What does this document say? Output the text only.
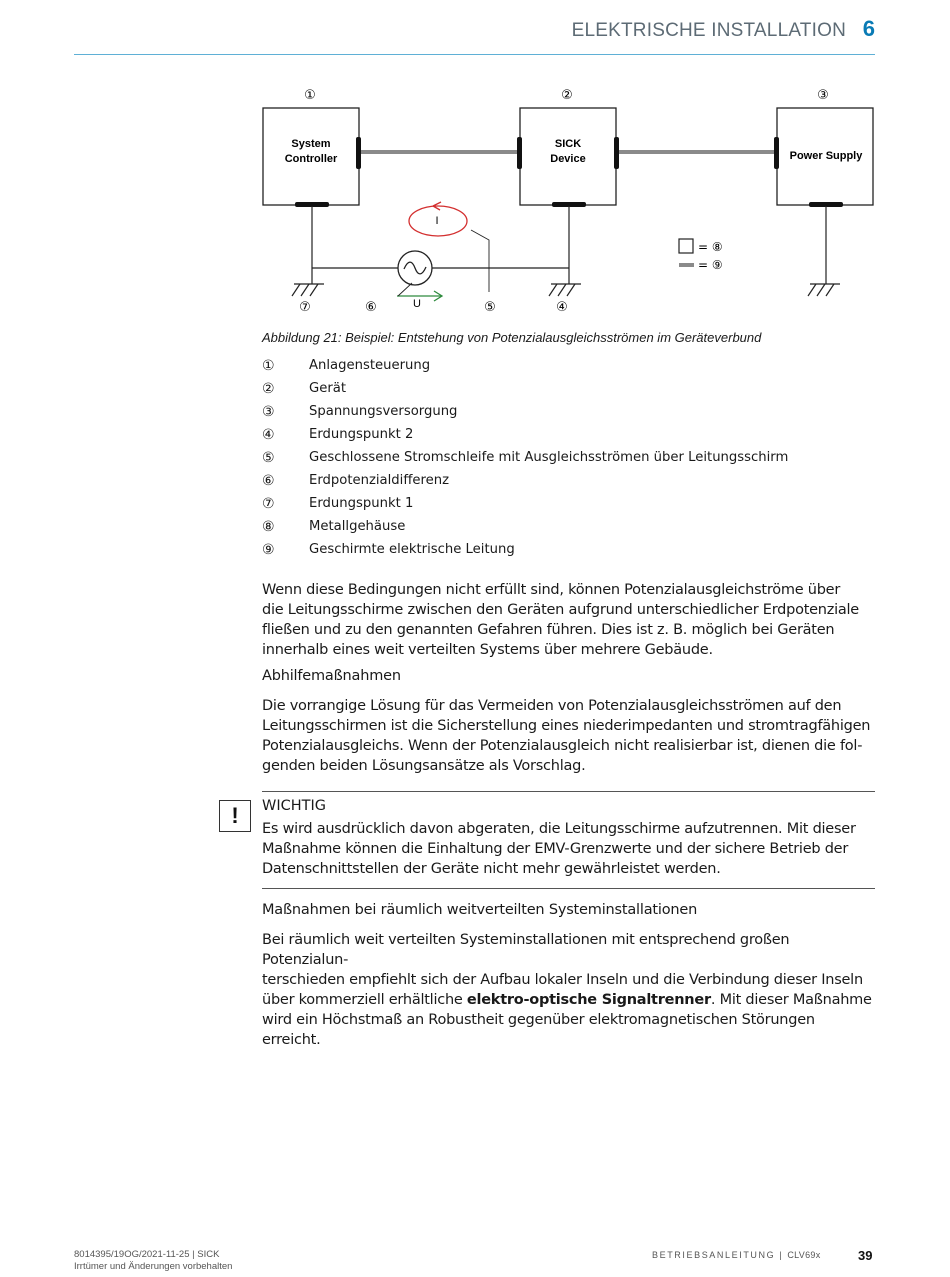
ELEKTRISCHE INSTALLATION 6
①	②	③
System
Controller
SICK
Device	Power Supply
I
U
⑦	⑥	⑤	④
= ⑧
= ⑨
Abbildung 21: Beispiel: Entstehung von Potenzialausgleichsströmen im Geräteverbund
①	Anlagensteuerung
②	Gerät
③	Spannungsversorgung
④	Erdungspunkt 2
⑤	Geschlossene Stromschleife mit Ausgleichsströmen über Leitungsschirm
⑥	Erdpotenzialdifferenz
⑦	Erdungspunkt 1
⑧	Metallgehäuse
⑨	Geschirmte elektrische Leitung

Wenn diese Bedingungen nicht erfüllt sind, können Potenzialausgleichströme über

die Leitungsschirme zwischen den Geräten aufgrund unterschiedlicher Erdpotenziale

fließen und zu den genannten Gefahren führen. Dies ist z. B. möglich bei Geräten

innerhalb eines weit verteilten Systems über mehrere Gebäude.

Abhilfemaßnahmen

Die vorrangige Lösung für das Vermeiden von Potenzialausgleichsströmen auf den

Leitungsschirmen ist die Sicherstellung eines niederimpedanten und stromtragfähigen

Potenzialausgleichs. Wenn der Potenzialausgleich nicht realisierbar ist, dienen die fol-

genden beiden Lösungsansätze als Vorschlag.

!	WICHTIG
Es wird ausdrücklich davon abgeraten, die Leitungsschirme aufzutrennen. Mit dieser
Maßnahme können die Einhaltung der EMV-Grenzwerte und der sichere Betrieb der
Datenschnittstellen der Geräte nicht mehr gewährleistet werden.
Maßnahmen bei räumlich weitverteilten Systeminstallationen

Bei räumlich weit verteilten Systeminstallationen mit entsprechend großen Potenzialun-

terschieden empfiehlt sich der Aufbau lokaler Inseln und die Verbindung dieser Inseln

über kommerziell erhältliche elektro-optische Signaltrenner. Mit dieser Maßnahme

wird ein Höchstmaß an Robustheit gegenüber elektromagnetischen Störungen erreicht.

8014395/19OG/2021-11-25 | SICK
Irrtümer und Änderungen vorbehalten
BETRIEBSANLEITUNG | CLV69x	39
